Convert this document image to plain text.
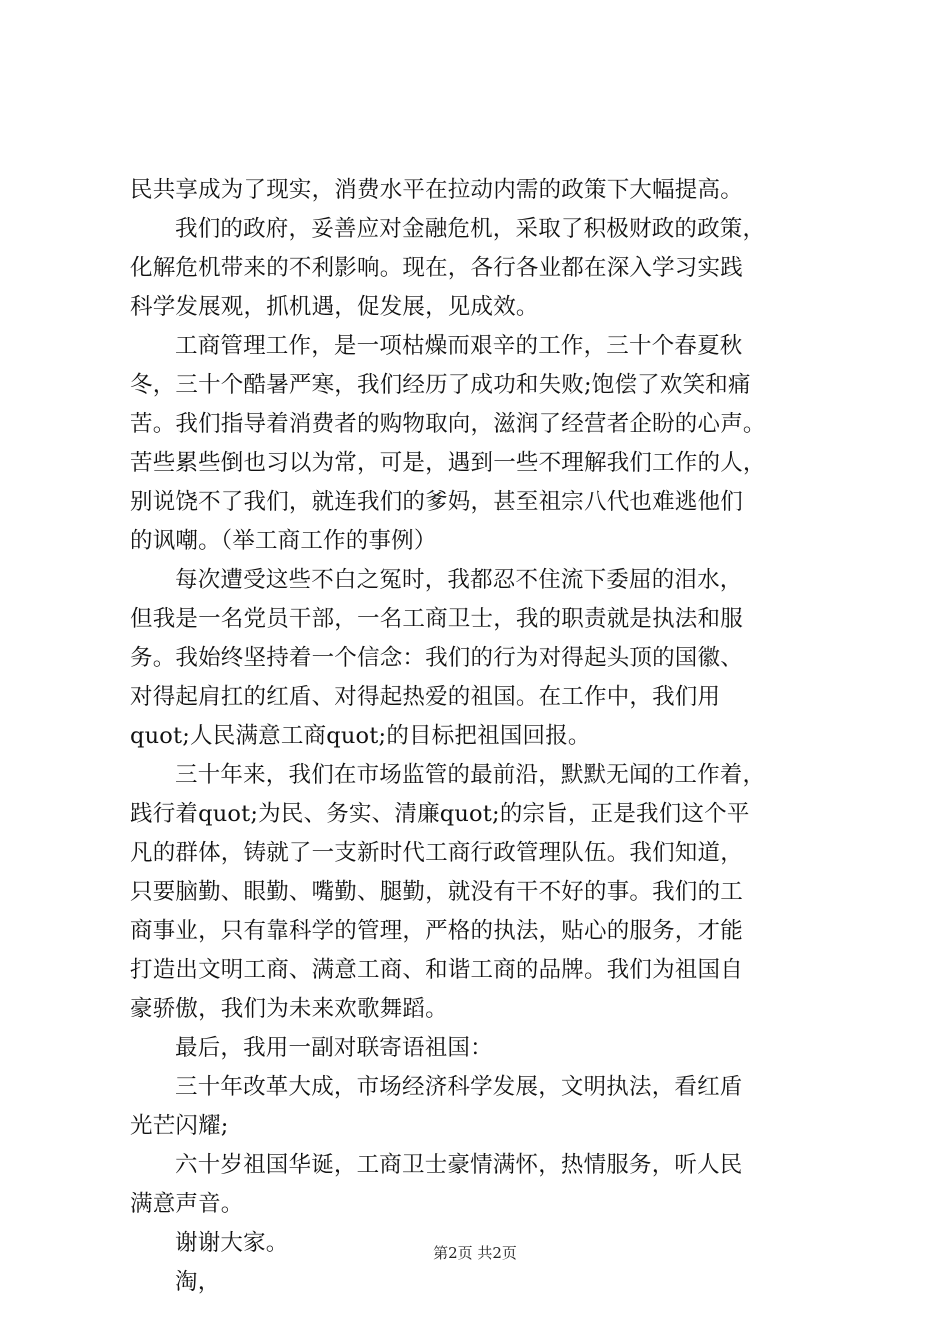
民共享成为了现实，消费水平在拉动内需的政策下大幅提高。
我们的政府，妥善应对金融危机，采取了积极财政的政策，
化解危机带来的不利影响。现在，各行各业都在深入学习实践
科学发展观，抓机遇，促发展，见成效。
工商管理工作，是一项枯燥而艰辛的工作，三十个春夏秋
冬，三十个酷暑严寒，我们经历了成功和失败;饱偿了欢笑和痛
苦。我们指导着消费者的购物取向，滋润了经营者企盼的心声。
苦些累些倒也习以为常，可是，遇到一些不理解我们工作的人，
别说饶不了我们，就连我们的爹妈，甚至祖宗八代也难逃他们
的讽嘲。（举工商工作的事例）
每次遭受这些不白之冤时，我都忍不住流下委屈的泪水，
但我是一名党员干部，一名工商卫士，我的职责就是执法和服
务。我始终坚持着一个信念：我们的行为对得起头顶的国徽、
对得起肩扛的红盾、对得起热爱的祖国。在工作中，我们用
quot;人民满意工商quot;的目标把祖国回报。
三十年来，我们在市场监管的最前沿，默默无闻的工作着，
践行着quot;为民、务实、清廉quot;的宗旨，正是我们这个平
凡的群体，铸就了一支新时代工商行政管理队伍。我们知道，
只要脑勤、眼勤、嘴勤、腿勤，就没有干不好的事。我们的工
商事业，只有靠科学的管理，严格的执法，贴心的服务，才能
打造出文明工商、满意工商、和谐工商的品牌。我们为祖国自
豪骄傲，我们为未来欢歌舞蹈。
最后，我用一副对联寄语祖国：
三十年改革大成，市场经济科学发展，文明执法，看红盾
光芒闪耀;
六十岁祖国华诞，工商卫士豪情满怀，热情服务，听人民
满意声音。
谢谢大家。
淘，
第2页 共2页
